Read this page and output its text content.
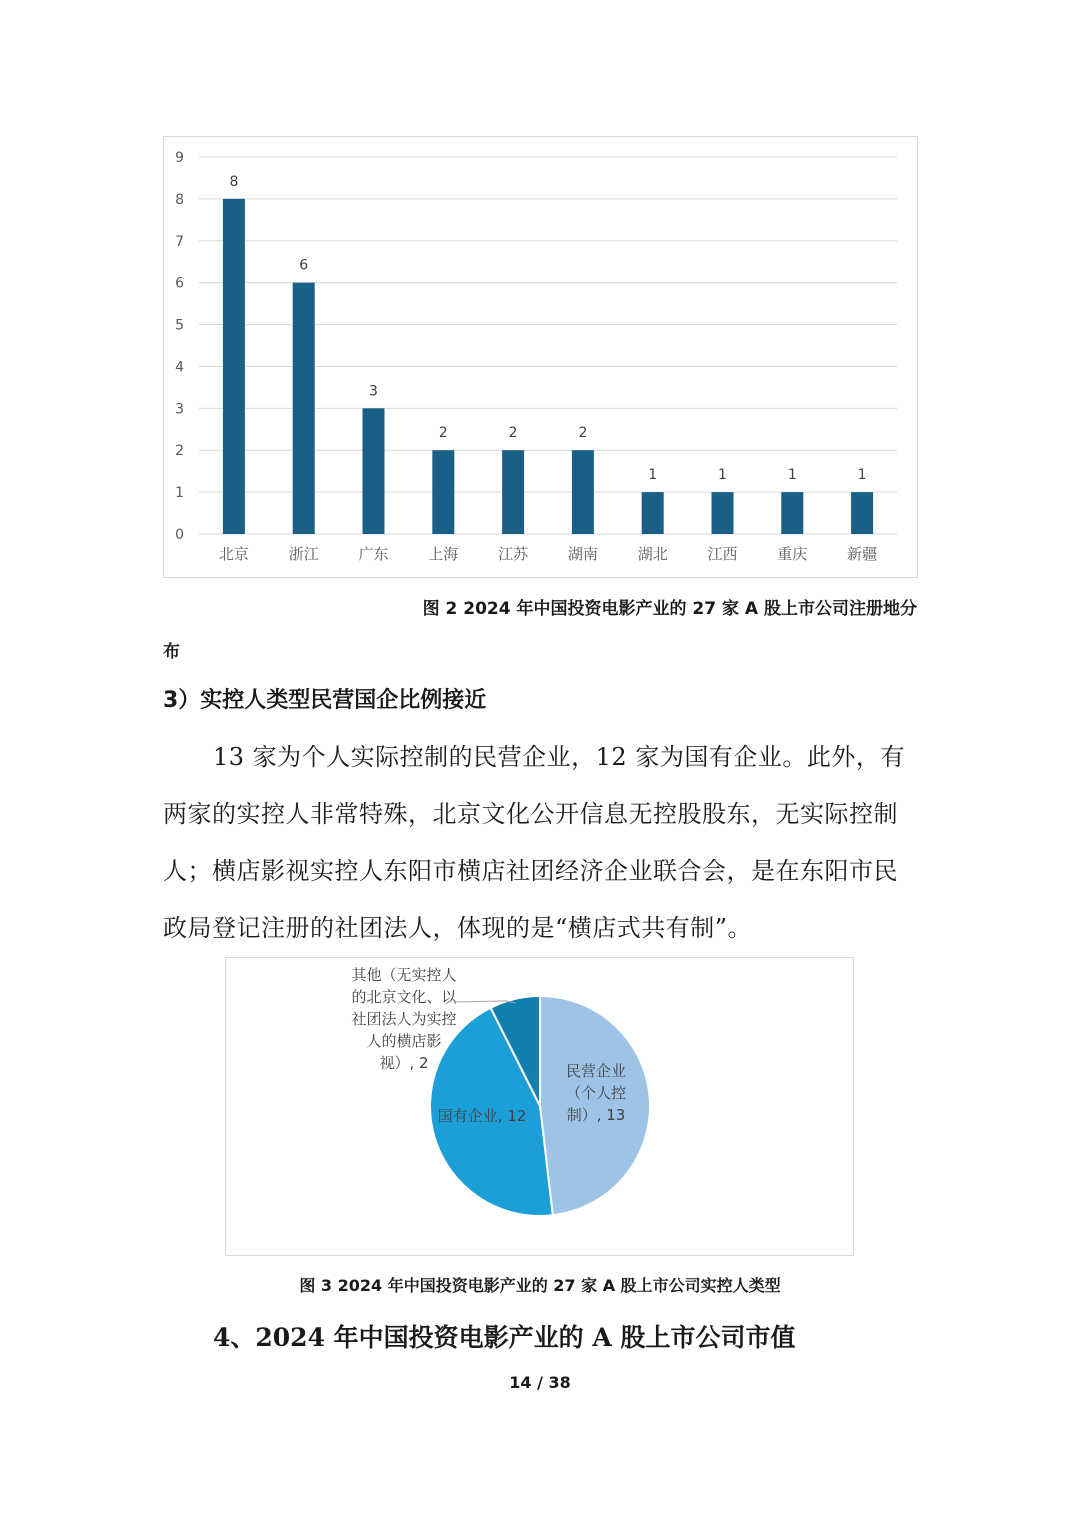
0
1
2
3
4
5
6
7
8
9
8
北京
6
浙江
3
广东
2
上海
2
江苏
2
湖南
1
湖北
1
江西
1
重庆
1
新疆
图 2 2024 年中国投资电影产业的 27 家 A 股上市公司注册地分
布
3）实控人类型民营国企比例接近
13 家为个人实际控制的民营企业，12 家为国有企业。此外，有
两家的实控人非常特殊，北京文化公开信息无控股股东，无实际控制
人；横店影视实控人东阳市横店社团经济企业联合会，是在东阳市民
政局登记注册的社团法人，体现的是“横店式共有制”。
民营企业（个人控制）, 13
国有企业, 12
其他（无实控人的北京文化、以社团法人为实控人的横店影视）, 2
图 3 2024 年中国投资电影产业的 27 家 A 股上市公司实控人类型
4、2024 年中国投资电影产业的 A 股上市公司市值
14 / 38
